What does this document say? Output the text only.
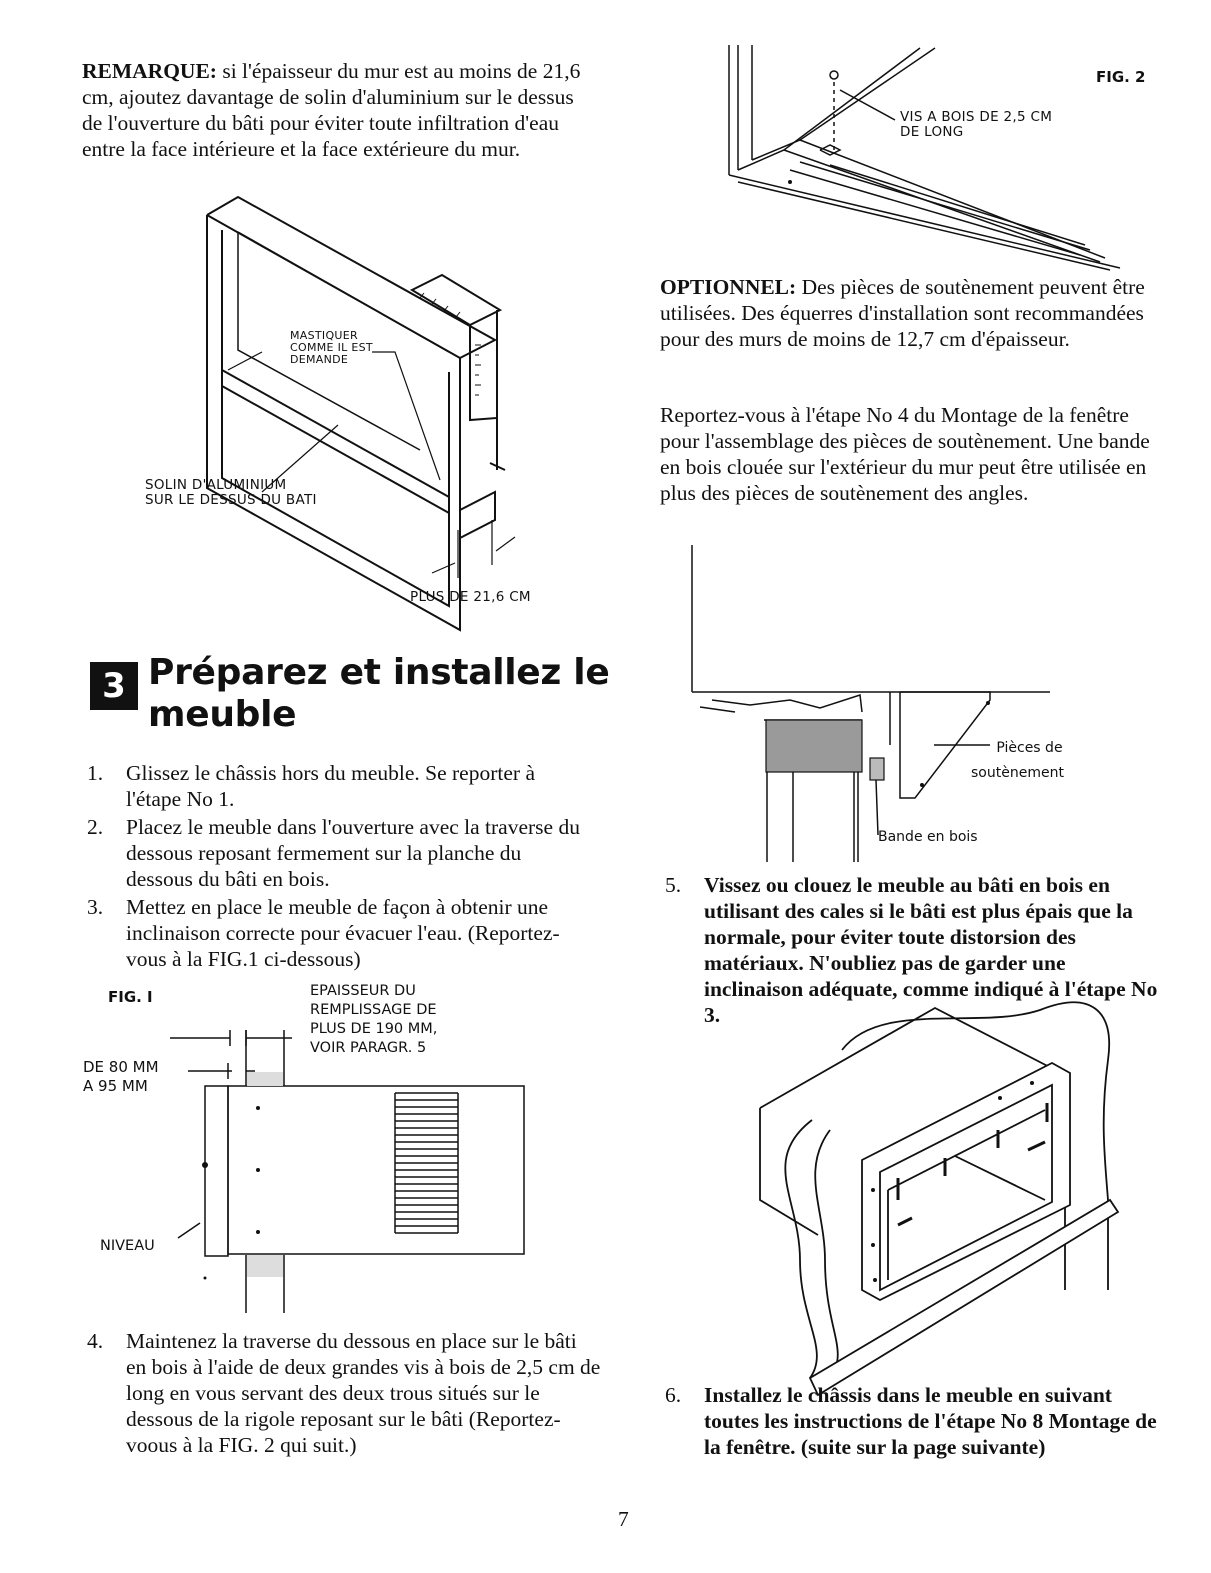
REMARQUE: si l'épaisseur du mur est au moins de 21,6 cm, ajoutez davantage de solin d'aluminium sur le dessus de l'ouverture du bâti pour éviter toute infiltration d'eau entre la face intérieure et la face extérieure du mur.
MASTIQUER
COMME IL EST
DEMANDE
SOLIN D'ALUMINIUM
SUR LE DESSUS DU BATI
PLUS DE 21,6 CM
3 Préparez et installez le
meuble
1. Glissez le châssis hors du meuble. Se reporter à l'étape No 1.
2. Placez le meuble dans l'ouverture avec la traverse du dessous reposant fermement sur la planche du dessous du bâti en bois.
3. Mettez en place le meuble de façon à obtenir une inclinaison correcte pour évacuer l'eau. (Reportez-vous à la FIG.1 ci-dessous)
FIG. I	EPAISSEUR DU
REMPLISSAGE DE
PLUS DE 190 MM,
VOIR PARAGR. 5
DE 80 MM
A 95 MM
NIVEAU
4. Maintenez la traverse du dessous en place sur le bâti en bois à l'aide de deux grandes vis à bois de 2,5 cm de long en vous servant des deux trous situés sur le dessous de la rigole reposant sur le bâti (Reportez-voous à la FIG. 2 qui suit.)
FIG. 2
VIS A BOIS DE 2,5 CM
DE LONG
OPTIONNEL: Des pièces de soutènement peuvent être utilisées. Des équerres d'installation sont recommandées pour des murs de moins de 12,7 cm d'épaisseur.
Reportez-vous à l'étape No 4 du Montage de la fenêtre pour l'assemblage des pièces de soutènement. Une bande en bois clouée sur l'extérieur du mur peut être utilisée en plus des pièces de soutènement des angles.
Pièces de
soutènement
Bande en bois
5. Vissez ou clouez le meuble au bâti en bois en utilisant des cales si le bâti est plus épais que la normale, pour éviter toute distorsion des matériaux. N'oubliez pas de garder une inclinaison adéquate, comme indiqué à l'étape No 3.
6. Installez le châssis dans le meuble en suivant toutes les instructions de l'étape No 8 Montage de la fenêtre. (suite sur la page suivante)
7
